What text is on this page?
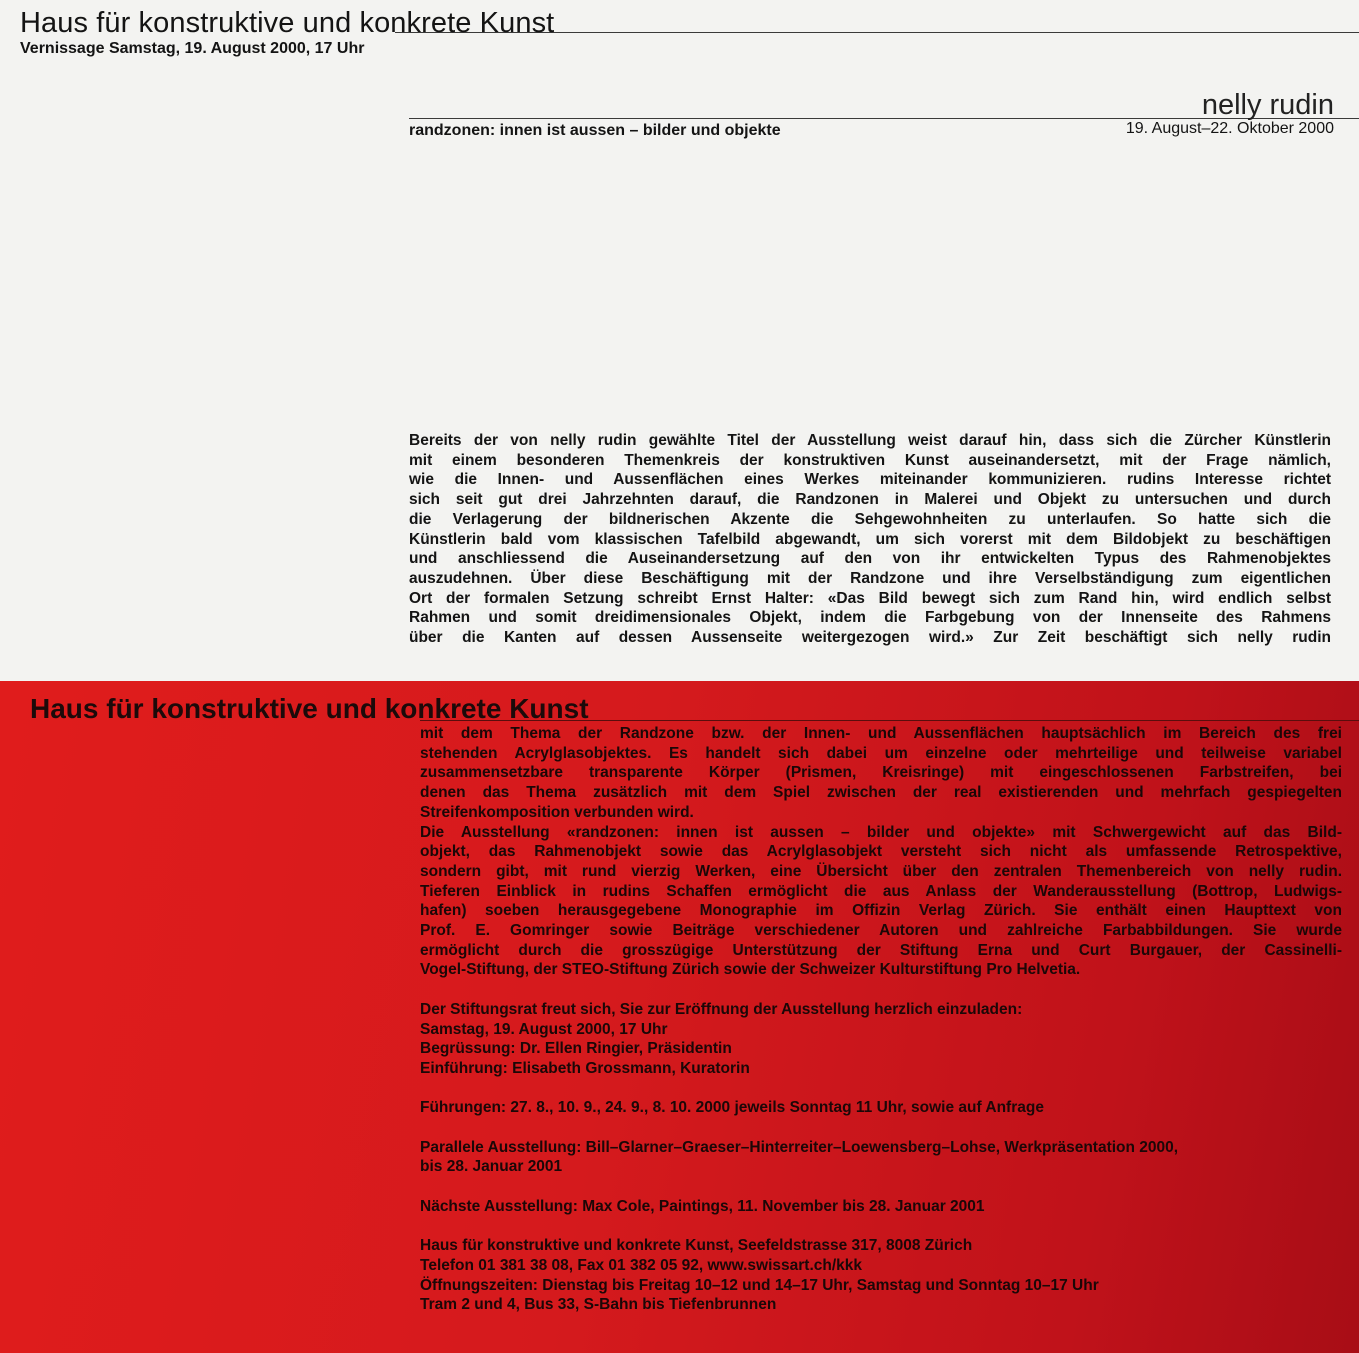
Haus für konstruktive und konkrete Kunst
Vernissage Samstag, 19. August 2000, 17 Uhr
nelly rudin
randzonen: innen ist aussen – bilder und objekte	19. August–22. Oktober 2000
Bereits der von nelly rudin gewählte Titel der Ausstellung weist darauf hin, dass sich die Zürcher Künstlerin
mit einem besonderen Themenkreis der konstruktiven Kunst auseinandersetzt, mit der Frage nämlich,
wie die Innen- und Aussenflächen eines Werkes miteinander kommunizieren. rudins Interesse richtet
sich seit gut drei Jahrzehnten darauf, die Randzonen in Malerei und Objekt zu untersuchen und durch
die Verlagerung der bildnerischen Akzente die Sehgewohnheiten zu unterlaufen. So hatte sich die
Künstlerin bald vom klassischen Tafelbild abgewandt, um sich vorerst mit dem Bildobjekt zu beschäftigen
und anschliessend die Auseinandersetzung auf den von ihr entwickelten Typus des Rahmenobjektes
auszudehnen. Über diese Beschäftigung mit der Randzone und ihre Verselbständigung zum eigentlichen
Ort der formalen Setzung schreibt Ernst Halter: «Das Bild bewegt sich zum Rand hin, wird endlich selbst
Rahmen und somit dreidimensionales Objekt, indem die Farbgebung von der Innenseite des Rahmens
über die Kanten auf dessen Aussenseite weitergezogen wird.» Zur Zeit beschäftigt sich nelly rudin
Haus für konstruktive und konkrete Kunst

mit dem Thema der Randzone bzw. der Innen- und Aussenflächen hauptsächlich im Bereich des frei

stehenden Acrylglasobjektes. Es handelt sich dabei um einzelne oder mehrteilige und teilweise variabel

zusammensetzbare transparente Körper (Prismen, Kreisringe) mit eingeschlossenen Farbstreifen, bei

denen das Thema zusätzlich mit dem Spiel zwischen der real existierenden und mehrfach gespiegelten

Streifenkomposition verbunden wird.

Die Ausstellung «randzonen: innen ist aussen – bilder und objekte» mit Schwergewicht auf das Bild-

objekt, das Rahmenobjekt sowie das Acrylglasobjekt versteht sich nicht als umfassende Retrospektive,

sondern gibt, mit rund vierzig Werken, eine Übersicht über den zentralen Themenbereich von nelly rudin.

Tieferen Einblick in rudins Schaffen ermöglicht die aus Anlass der Wanderausstellung (Bottrop, Ludwigs-

hafen) soeben herausgegebene Monographie im Offizin Verlag Zürich. Sie enthält einen Haupttext von

Prof. E. Gomringer sowie Beiträge verschiedener Autoren und zahlreiche Farbabbildungen. Sie wurde

ermöglicht durch die grosszügige Unterstützung der Stiftung Erna und Curt Burgauer, der Cassinelli-

Vogel-Stiftung, der STEO-Stiftung Zürich sowie der Schweizer Kulturstiftung Pro Helvetia.

Der Stiftungsrat freut sich, Sie zur Eröffnung der Ausstellung herzlich einzuladen:

Samstag, 19. August 2000, 17 Uhr

Begrüssung: Dr. Ellen Ringier, Präsidentin

Einführung: Elisabeth Grossmann, Kuratorin

Führungen: 27. 8., 10. 9., 24. 9., 8. 10. 2000 jeweils Sonntag 11 Uhr, sowie auf Anfrage

Parallele Ausstellung: Bill–Glarner–Graeser–Hinterreiter–Loewensberg–Lohse, Werkpräsentation 2000,

bis 28. Januar 2001

Nächste Ausstellung: Max Cole, Paintings, 11. November bis 28. Januar 2001

Haus für konstruktive und konkrete Kunst, Seefeldstrasse 317, 8008 Zürich

Telefon 01 381 38 08, Fax 01 382 05 92, www.swissart.ch/kkk

Öffnungszeiten: Dienstag bis Freitag 10–12 und 14–17 Uhr, Samstag und Sonntag 10–17 Uhr

Tram 2 und 4, Bus 33, S-Bahn bis Tiefenbrunnen
